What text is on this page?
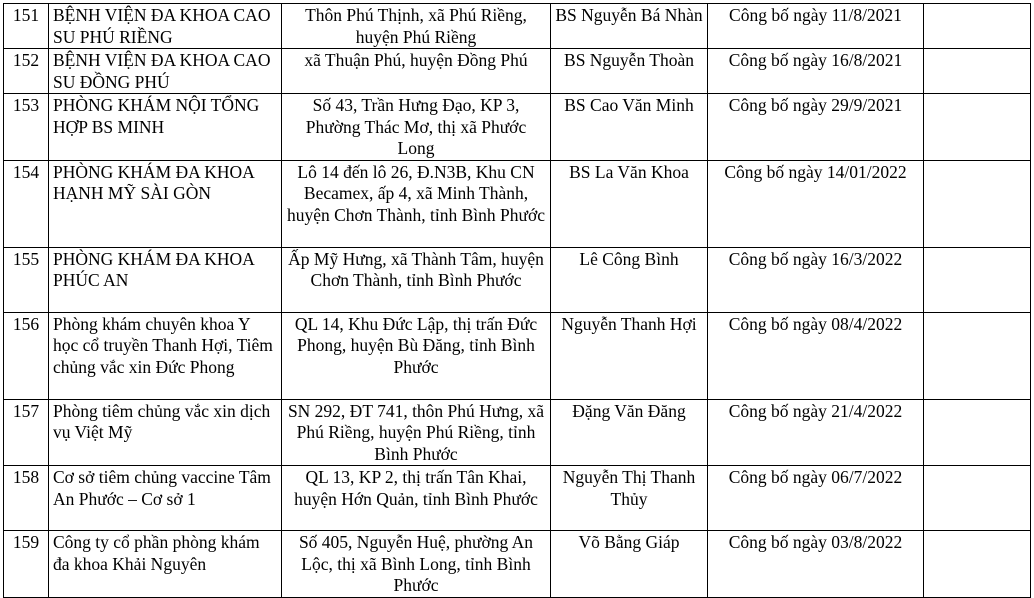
151	BỆNH VIỆN ĐA KHOA CAO SU PHÚ RIỀNG	Thôn Phú Thịnh, xã Phú Riềng, huyện Phú Riềng	BS Nguyễn Bá Nhàn	Công bố ngày 11/8/2021	
152	BỆNH VIỆN ĐA KHOA CAO SU ĐỒNG PHÚ	xã Thuận Phú, huyện Đồng Phú	BS Nguyễn Thoàn	Công bố ngày 16/8/2021	
153	PHÒNG KHÁM NỘI TỔNG HỢP BS MINH	Số 43, Trần Hưng Đạo, KP 3, Phường Thác Mơ, thị xã Phước Long	BS Cao Văn Minh	Công bố ngày 29/9/2021	
154	PHÒNG KHÁM ĐA KHOA HẠNH MỸ SÀI GÒN	Lô 14 đến lô 26, Đ.N3B, Khu CN Becamex, ấp 4, xã Minh Thành, huyện Chơn Thành, tỉnh Bình Phước	BS La Văn Khoa	Công bố ngày 14/01/2022	
155	PHÒNG KHÁM ĐA KHOA PHÚC AN	Ấp Mỹ Hưng, xã Thành Tâm, huyện Chơn Thành, tỉnh Bình Phước	Lê Công Bình	Công bố ngày 16/3/2022	
156	Phòng khám chuyên khoa Y học cổ truyền Thanh Hợi, Tiêm chủng vắc xin Đức Phong	QL 14, Khu Đức Lập, thị trấn Đức Phong, huyện Bù Đăng, tỉnh Bình Phước	Nguyễn Thanh Hợi	Công bố ngày 08/4/2022	
157	Phòng tiêm chủng vắc xin dịch vụ Việt Mỹ	SN 292, ĐT 741, thôn Phú Hưng, xã Phú Riềng, huyện Phú Riềng, tỉnh Bình Phước	Đặng Văn Đăng	Công bố ngày 21/4/2022	
158	Cơ sở tiêm chủng vaccine Tâm An Phước – Cơ sở 1	QL 13, KP 2, thị trấn Tân Khai, huyện Hớn Quản, tỉnh Bình Phước	Nguyễn Thị Thanh Thủy	Công bố ngày 06/7/2022	
159	Công ty cổ phần phòng khám đa khoa Khải Nguyên	Số 405, Nguyễn Huệ, phường An Lộc, thị xã Bình Long, tỉnh Bình Phước	Võ Bằng Giáp	Công bố ngày 03/8/2022	
